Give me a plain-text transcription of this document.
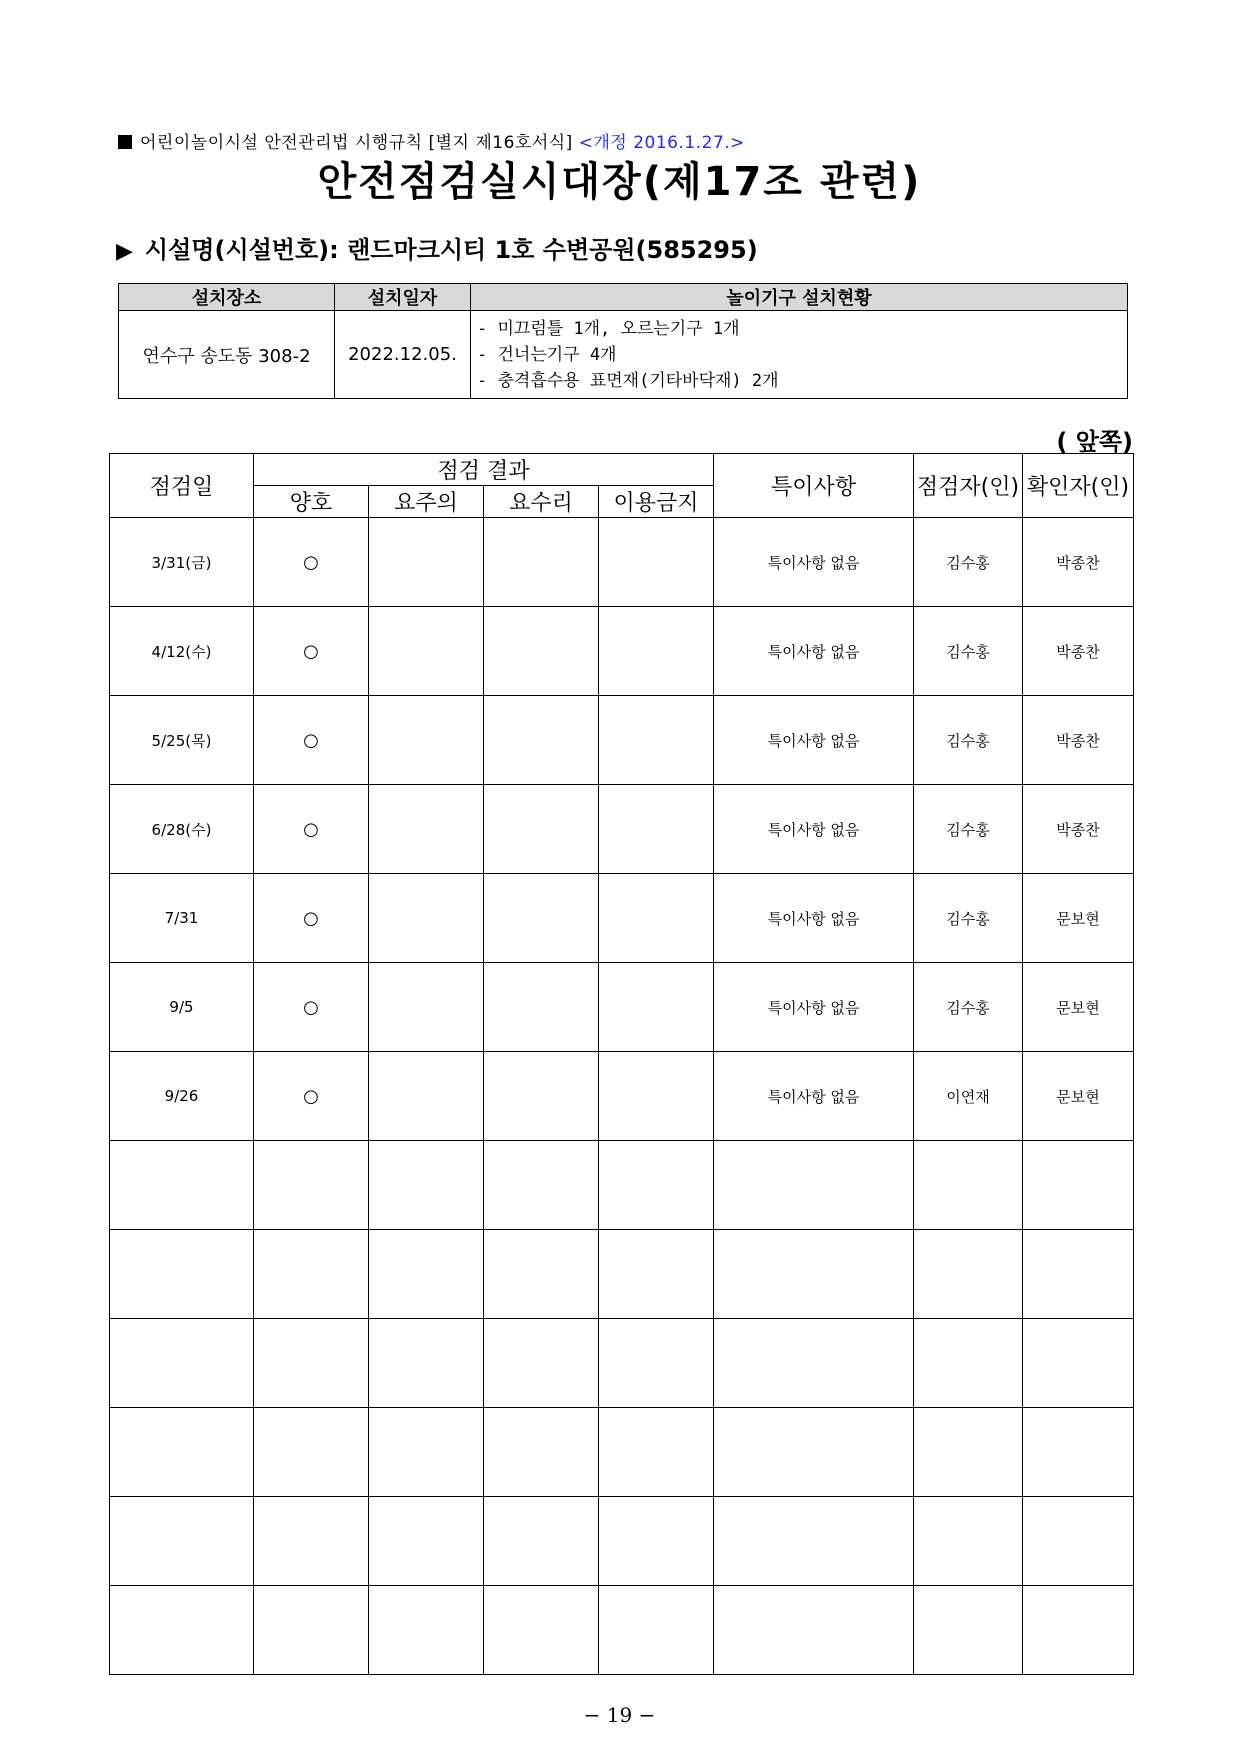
어린이놀이시설 안전관리법 시행규칙 [별지 제16호서식] <개정 2016.1.27.>
안전점검실시대장(제17조 관련)
▶ 시설명(시설번호): 랜드마크시티 1호 수변공원(585295)
설치장소	설치일자	놀이기구 설치현황
연수구 송도동 308-2	2022.12.05.	- 미끄럼틀 1개, 오르는기구 1개
- 건너는기구 4개
- 충격흡수용 표면재(기타바닥재) 2개
( 앞쪽)
점검일	점검 결과				특이사항	점검자(인)	확인자(인)
	양호	요주의	요수리	이용금지			
3/31(금)	○				특이사항 없음	김수홍	박종찬
4/12(수)	○				특이사항 없음	김수홍	박종찬
5/25(목)	○				특이사항 없음	김수홍	박종찬
6/28(수)	○				특이사항 없음	김수홍	박종찬
7/31	○				특이사항 없음	김수홍	문보현
9/5	○				특이사항 없음	김수홍	문보현
9/26	○				특이사항 없음	이연재	문보현

− 19 −
